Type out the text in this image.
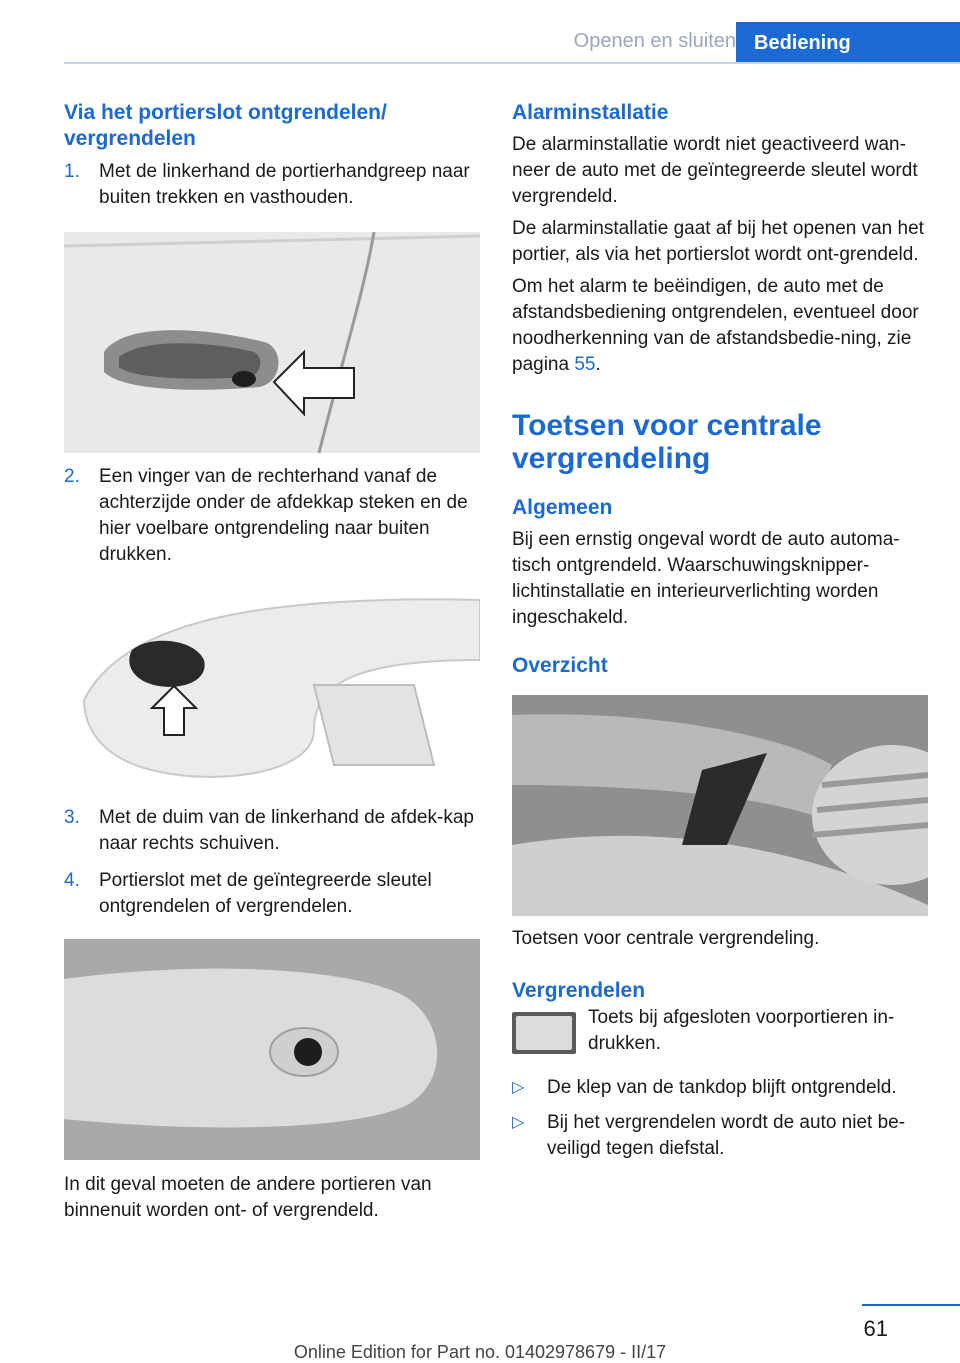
Openen en sluiten Bediening
Via het portierslot ontgrendelen/ vergrendelen
1. Met de linkerhand de portierhandgreep naar buiten trekken en vasthouden.
2. Een vinger van de rechterhand vanaf de achterzijde onder de afdekkap steken en de hier voelbare ontgrendeling naar buiten drukken.
3. Met de duim van de linkerhand de afdek-kap naar rechts schuiven.
4. Portierslot met de geïntegreerde sleutel ontgrendelen of vergrendelen.

In dit geval moeten de andere portieren van binnenuit worden ont- of vergrendeld.

Alarminstallatie

De alarminstallatie wordt niet geactiveerd wan-neer de auto met de geïntegreerde sleutel wordt vergrendeld.

De alarminstallatie gaat af bij het openen van het portier, als via het portierslot wordt ont-grendeld.

Om het alarm te beëindigen, de auto met de afstandsbediening ontgrendelen, eventueel door noodherkenning van de afstandsbedie-ning, zie pagina 55.

Toetsen voor centrale vergrendeling
Algemeen

Bij een ernstig ongeval wordt de auto automa-tisch ontgrendeld. Waarschuwingsknipper-lichtinstallatie en interieurverlichting worden ingeschakeld.

Overzicht

Toetsen voor centrale vergrendeling.

Vergrendelen
Toets bij afgesloten voorportieren in-drukken.
▷ De klep van de tankdop blijft ontgrendeld.
▷ Bij het vergrendelen wordt de auto niet be-veiligd tegen diefstal.
61
Online Edition for Part no. 01402978679 - II/17
